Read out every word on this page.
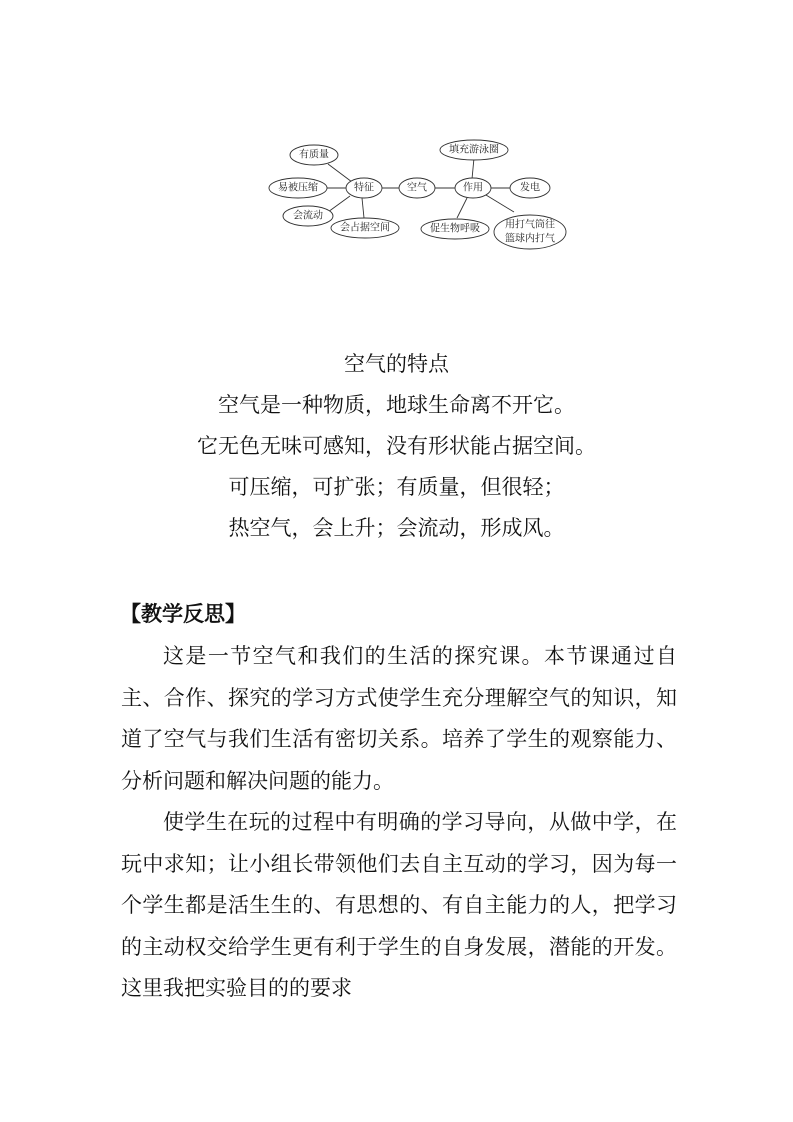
有质量
易被压缩	特征
会流动
会占据空间
空气	作用
填充游泳圈
发电
促生物呼吸	用打气筒往
篮球内打气
空气的特点
空气是一种物质，地球生命离不开它。
它无色无味可感知，没有形状能占据空间。
可压缩，可扩张；有质量，但很轻；
热空气，会上升；会流动，形成风。
【教学反思】

这是一节空气和我们的生活的探究课。本节课通过自主、合作、探究的学习方式使学生充分理解空气的知识，知道了空气与我们生活有密切关系。培养了学生的观察能力、分析问题和解决问题的能力。

使学生在玩的过程中有明确的学习导向，从做中学，在玩中求知；让小组长带领他们去自主互动的学习，因为每一个学生都是活生生的、有思想的、有自主能力的人，把学习的主动权交给学生更有利于学生的自身发展，潜能的开发。这里我把实验目的的要求
